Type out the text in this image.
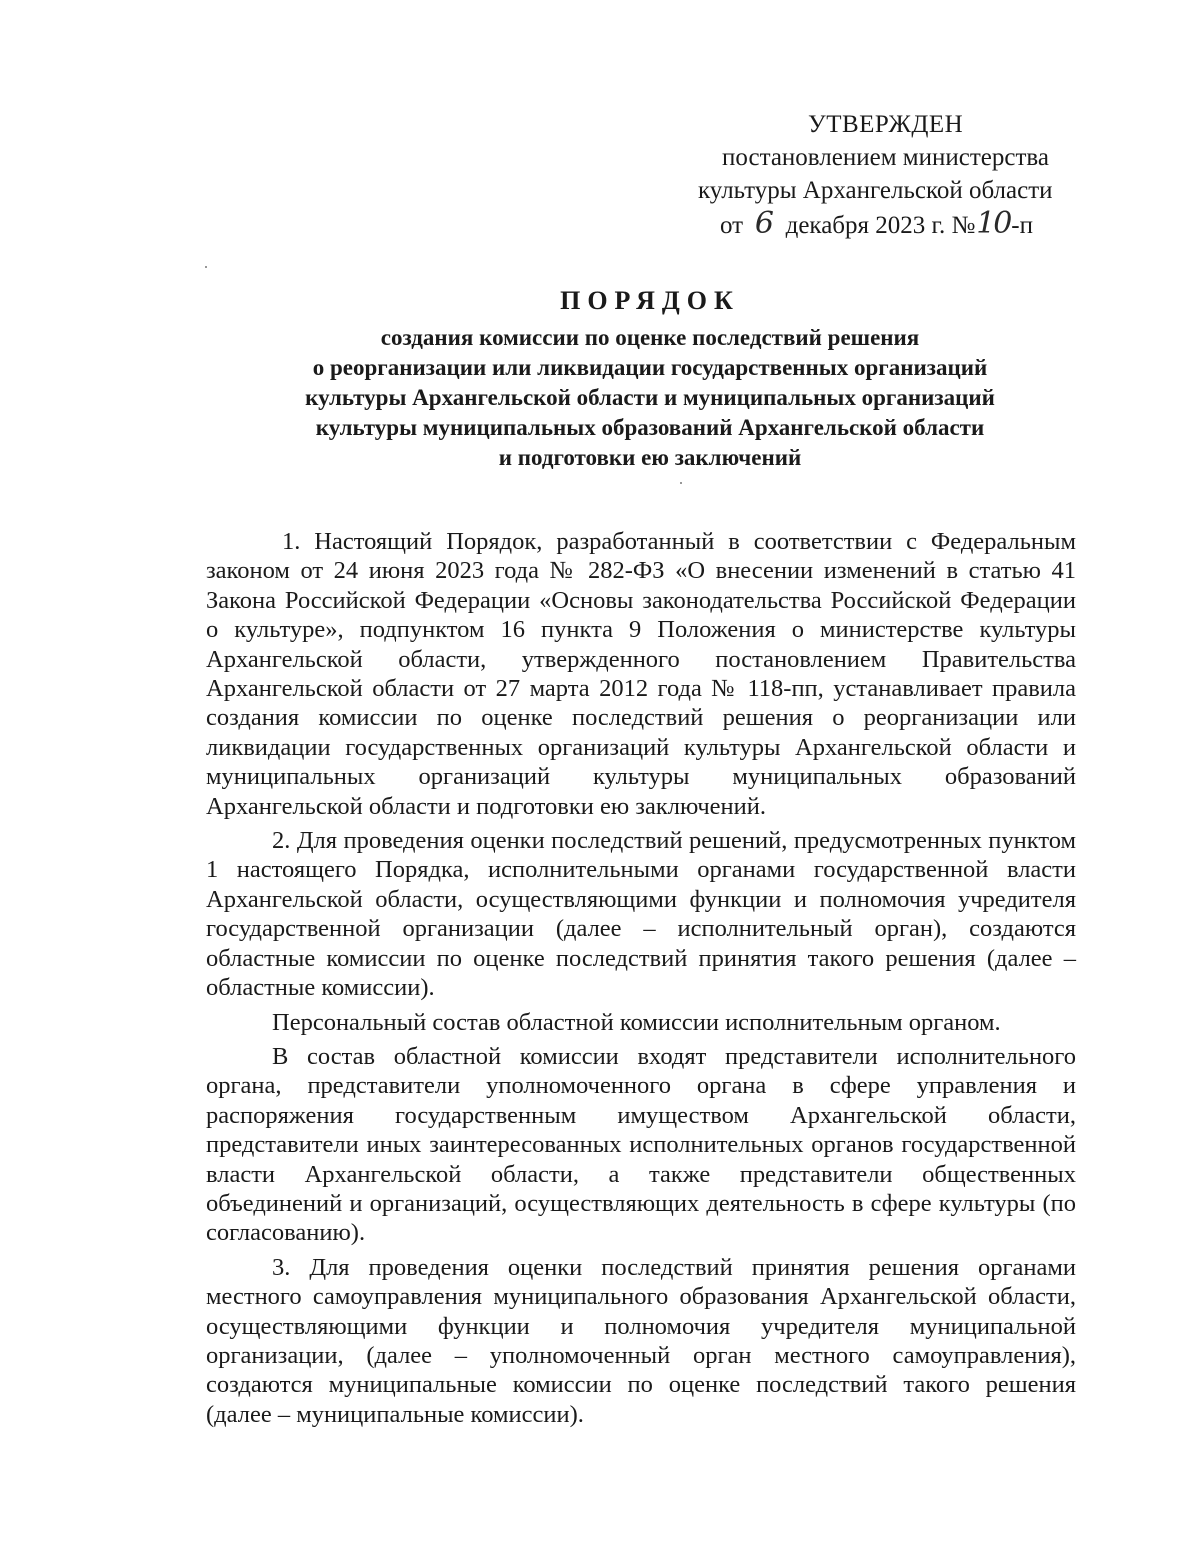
УТВЕРЖДЕН
постановлением министерства
культуры Архангельской области
от 6 декабря 2023 г. №10-п
ПОРЯДОК
создания комиссии по оценке последствий решения
о реорганизации или ликвидации государственных организаций
культуры Архангельской области и муниципальных организаций
культуры муниципальных образований Архангельской области
и подготовки ею заключений

1. Настоящий Порядок, разработанный в соответствии с Федеральным законом от 24 июня 2023 года № 282-ФЗ «О внесении изменений в статью 41 Закона Российской Федерации «Основы законодательства Российской Федерации о культуре», подпунктом 16 пункта 9 Положения о министерстве культуры Архангельской области, утвержденного постановлением Правительства Архангельской области от 27 марта 2012 года № 118-пп, устанавливает правила создания комиссии по оценке последствий решения о реорганизации или ликвидации государственных организаций культуры Архангельской области и муниципальных организаций культуры муниципальных образований Архангельской области и подготовки ею заключений.

2. Для проведения оценки последствий решений, предусмотренных пунктом 1 настоящего Порядка, исполнительными органами государственной власти Архангельской области, осуществляющими функции и полномочия учредителя государственной организации (далее – исполнительный орган), создаются областные комиссии по оценке последствий принятия такого решения (далее – областные комиссии).

Персональный состав областной комиссии исполнительным органом.

В состав областной комиссии входят представители исполнительного органа, представители уполномоченного органа в сфере управления и распоряжения государственным имуществом Архангельской области, представители иных заинтересованных исполнительных органов государственной власти Архангельской области, а также представители общественных объединений и организаций, осуществляющих деятельность в сфере культуры (по согласованию).

3. Для проведения оценки последствий принятия решения органами местного самоуправления муниципального образования Архангельской области, осуществляющими функции и полномочия учредителя муниципальной организации, (далее – уполномоченный орган местного самоуправления), создаются муниципальные комиссии по оценке последствий такого решения (далее – муниципальные комиссии).
